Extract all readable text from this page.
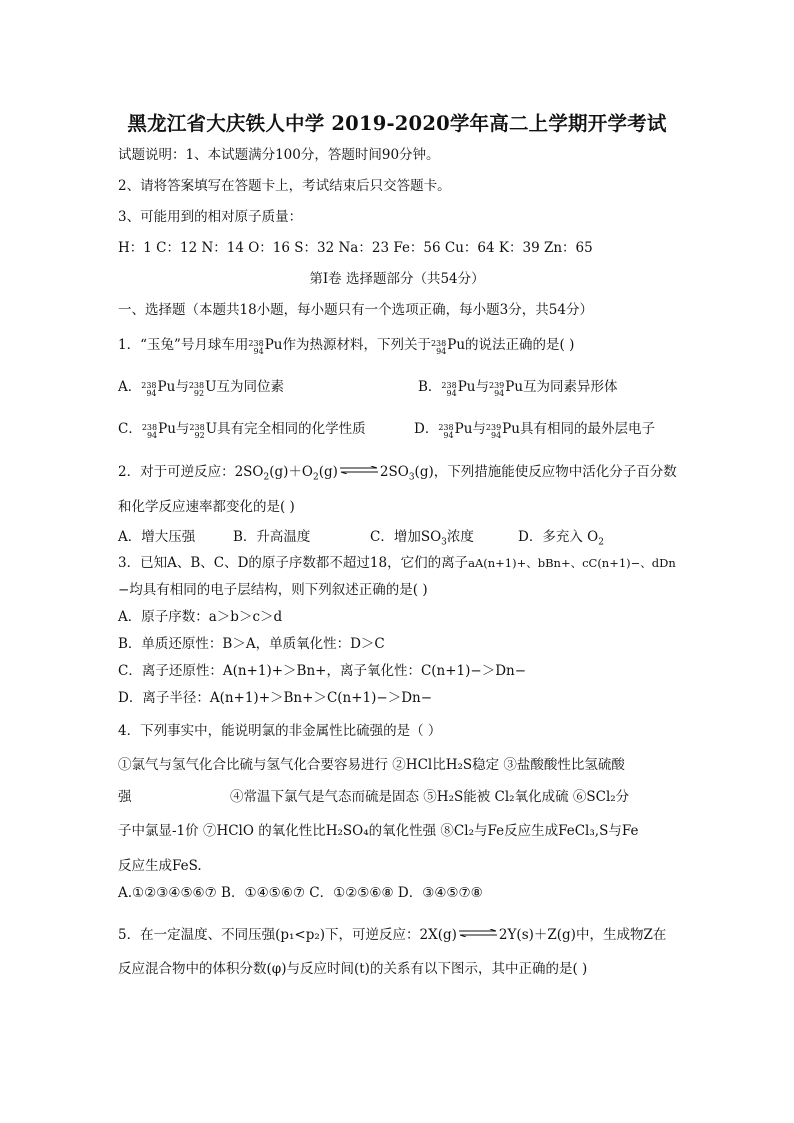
黑龙江省大庆铁人中学 2019-2020学年高二上学期开学考试
试题说明：1、本试题满分100分，答题时间90分钟。
2、请将答案填写在答题卡上，考试结束后只交答题卡。
3、可能用到的相对原子质量：
H：1 C：12 N：14 O：16 S：32 Na：23 Fe：56 Cu：64 K：39 Zn：65
第Ⅰ卷 选择题部分（共54分）
一、选择题（本题共18小题，每小题只有一个选项正确，每小题3分，共54分）
1．“玉兔”号月球车用 238
94 Pu作为热源材料，下列关于 238
94 Pu的说法正确的是( )
A． 238
94 Pu与 238
92 U互为同位素	B． 238
94 Pu与 239
94 Pu互为同素异形体
C． 238
94 Pu与 238
92 U具有完全相同的化学性质	D． 238
94 Pu与 239
94 Pu具有相同的最外层电子
2．对于可逆反应：$2SO_2(g)+O_2(g)\rightleftharpoons 2SO_3(g)$，下列措施能使反应物中活化分子百分数
和化学反应速率都变化的是( )
A．增大压强	B．升高温度	C．增加$SO_3$浓度	D．多充入 $O_2$
3．已知A、B、C、D的原子序数都不超过18，它们的离子aA(n+1)+、bBn+、cC(n+1)−、dDn
−均具有相同的电子层结构，则下列叙述正确的是( )
A．原子序数：a＞b＞c＞d
B．单质还原性：B＞A，单质氧化性：D＞C
C．离子还原性：A(n+1)+＞Bn+，离子氧化性：C(n+1)−＞Dn−
D．离子半径：A(n+1)+＞Bn+＞C(n+1)−＞Dn−
4．下列事实中，能说明氯的非金属性比硫强的是（ ）
①氯气与氢气化合比硫与氢气化合要容易进行 ②HCl比H₂S稳定 ③盐酸酸性比氢硫酸
强	④常温下氯气是气态而硫是固态 ⑤H₂S能被 Cl₂氧化成硫 ⑥SCl₂分
子中氯显-1价 ⑦HClO 的氧化性比H₂SO₄的氧化性强 ⑧Cl₂与Fe反应生成FeCl₃,S与Fe
反应生成FeS.
A.①②③④⑤⑥⑦ B．①④⑤⑥⑦ C．①②⑤⑥⑧ D．③④⑤⑦⑧
5．在一定温度、不同压强(p₁<p₂)下，可逆反应：2X(g)⇌2Y(s)＋Z(g)中，生成物Z在
反应混合物中的体积分数(φ)与反应时间(t)的关系有以下图示，其中正确的是( )
